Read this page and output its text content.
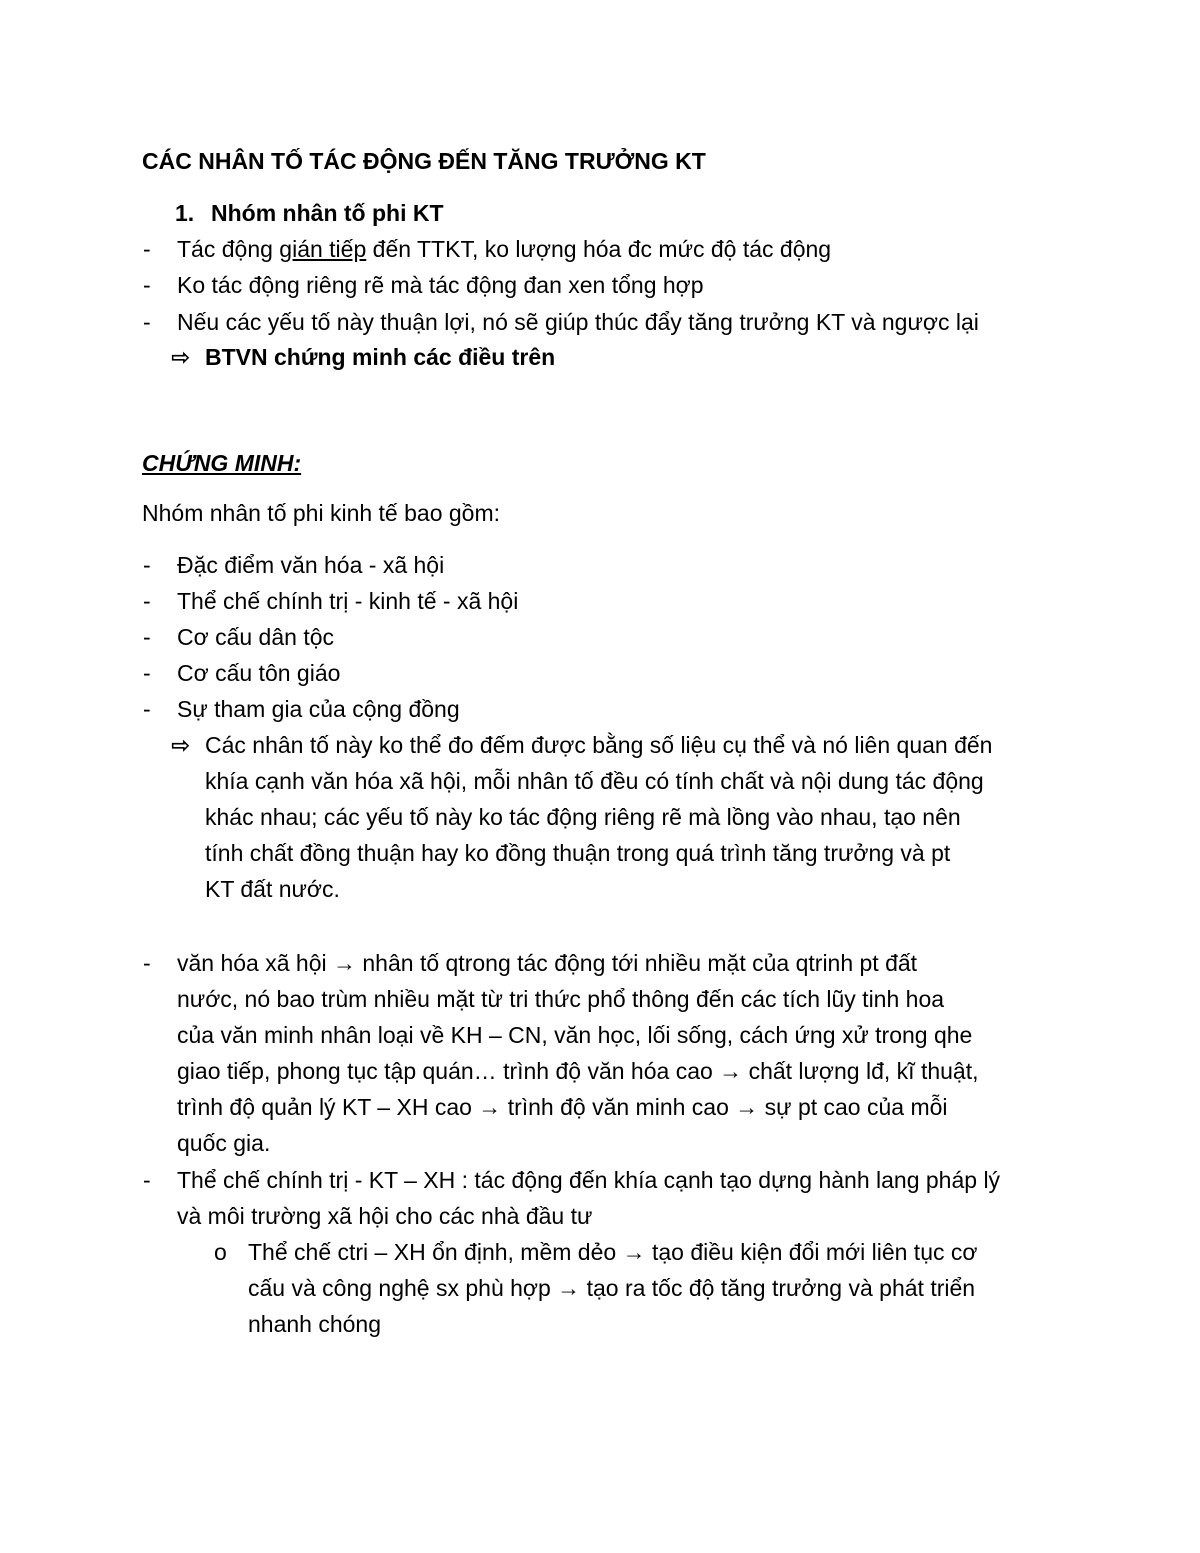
CÁC NHÂN TỐ TÁC ĐỘNG ĐẾN TĂNG TRƯỞNG KT
1. Nhóm nhân tố phi KT
- Tác động gián tiếp đến TTKT, ko lượng hóa đc mức độ tác động
- Ko tác động riêng rẽ mà tác động đan xen tổng hợp
- Nếu các yếu tố này thuận lợi, nó sẽ giúp thúc đẩy tăng trưởng KT và ngược lại
⇨ BTVN chứng minh các điều trên
CHỨNG MINH:
Nhóm nhân tố phi kinh tế bao gồm:
- Đặc điểm văn hóa - xã hội
- Thể chế chính trị - kinh tế - xã hội
- Cơ cấu dân tộc
- Cơ cấu tôn giáo
- Sự tham gia của cộng đồng
⇨ Các nhân tố này ko thể đo đếm được bằng số liệu cụ thể và nó liên quan đến
khía cạnh văn hóa xã hội, mỗi nhân tố đều có tính chất và nội dung tác động
khác nhau; các yếu tố này ko tác động riêng rẽ mà lồng vào nhau, tạo nên
tính chất đồng thuận hay ko đồng thuận trong quá trình tăng trưởng và pt
KT đất nước.
- văn hóa xã hội → nhân tố qtrong tác động tới nhiều mặt của qtrinh pt đất
nước, nó bao trùm nhiều mặt từ tri thức phổ thông đến các tích lũy tinh hoa
của văn minh nhân loại về KH – CN, văn học, lối sống, cách ứng xử trong qhe
giao tiếp, phong tục tập quán… trình độ văn hóa cao → chất lượng lđ, kĩ thuật,
trình độ quản lý KT – XH cao → trình độ văn minh cao → sự pt cao của mỗi
quốc gia.
- Thể chế chính trị - KT – XH : tác động đến khía cạnh tạo dựng hành lang pháp lý
và môi trường xã hội cho các nhà đầu tư
o Thể chế ctri – XH ổn định, mềm dẻo → tạo điều kiện đổi mới liên tục cơ
cấu và công nghệ sx phù hợp → tạo ra tốc độ tăng trưởng và phát triển
nhanh chóng
